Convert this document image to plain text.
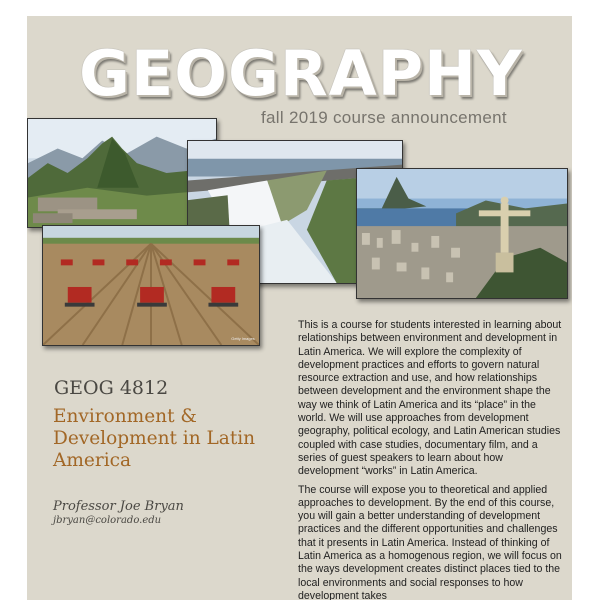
GEOGRAPHY
fall 2019 course announcement
Getty Images
GEOG 4812
Environment & Development in Latin America
Professor Joe Bryan
jbryan@colorado.edu

This is a course for students interested in learning about relationships between environment and development in Latin America. We will explore the complexity of development practices and efforts to govern natural resource extraction and use, and how relationships between development and the environment shape the way we think of Latin America and its “place” in the world. We will use approaches from development geography, political ecology, and Latin American studies coupled with case studies, documentary film, and a series of guest speakers to learn about how development “works” in Latin America.

The course will expose you to theoretical and applied approaches to development. By the end of this course, you will gain a better understanding of development practices and the different opportunities and challenges that it presents in Latin America. Instead of thinking of Latin America as a homogenous region, we will focus on the ways development creates distinct places tied to the local environments and social responses to how development takes
